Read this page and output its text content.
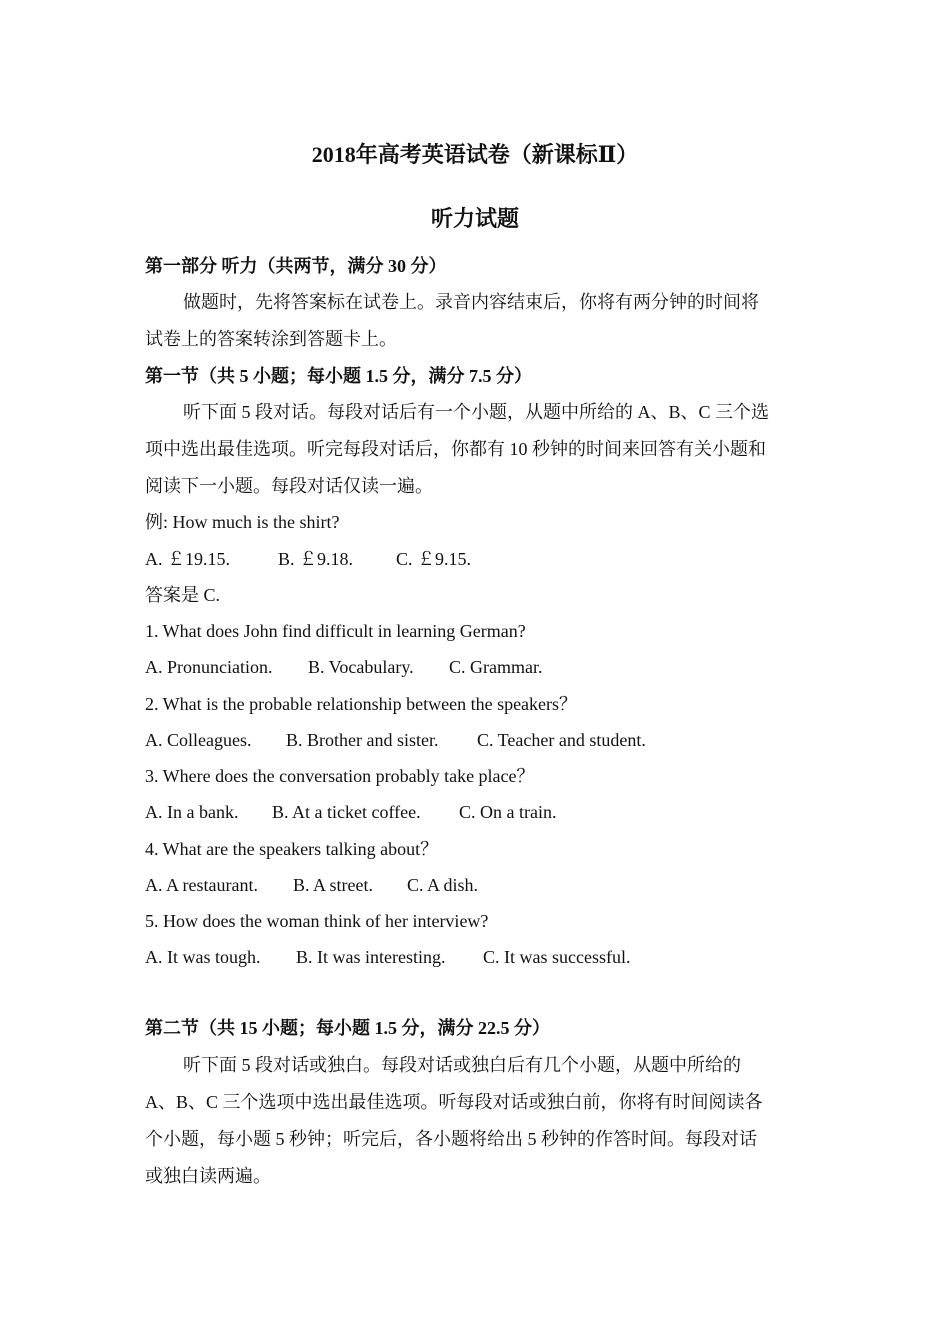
2018年高考英语试卷（新课标Ⅱ）
听力试题
第一部分 听力（共两节，满分 30 分）
做题时，先将答案标在试卷上。录音内容结束后，你将有两分钟的时间将
试卷上的答案转涂到答题卡上。
第一节（共 5 小题；每小题 1.5 分，满分 7.5 分）
听下面 5 段对话。每段对话后有一个小题，从题中所给的 A、B、C 三个选
项中选出最佳选项。听完每段对话后，你都有 10 秒钟的时间来回答有关小题和
阅读下一小题。每段对话仅读一遍。
例: How much is the shirt?
A. ￡19.15.	B. ￡9.18. C. ￡9.15.
答案是 C.
1. What does John find difficult in learning German?
A. Pronunciation. B. Vocabulary. C. Grammar.
2. What is the probable relationship between the speakers？
A. Colleagues. B. Brother and sister. C. Teacher and student.
3. Where does the conversation probably take place？
A. In a bank. B. At a ticket coffee. C. On a train.
4. What are the speakers talking about？
A. A restaurant. B. A street. C. A dish.
5. How does the woman think of her interview?
A. It was tough. B. It was interesting. C. It was successful.
第二节（共 15 小题；每小题 1.5 分，满分 22.5 分）
听下面 5 段对话或独白。每段对话或独白后有几个小题，从题中所给的
A、B、C 三个选项中选出最佳选项。听每段对话或独白前，你将有时间阅读各
个小题，每小题 5 秒钟；听完后，各小题将给出 5 秒钟的作答时间。每段对话
或独白读两遍。
